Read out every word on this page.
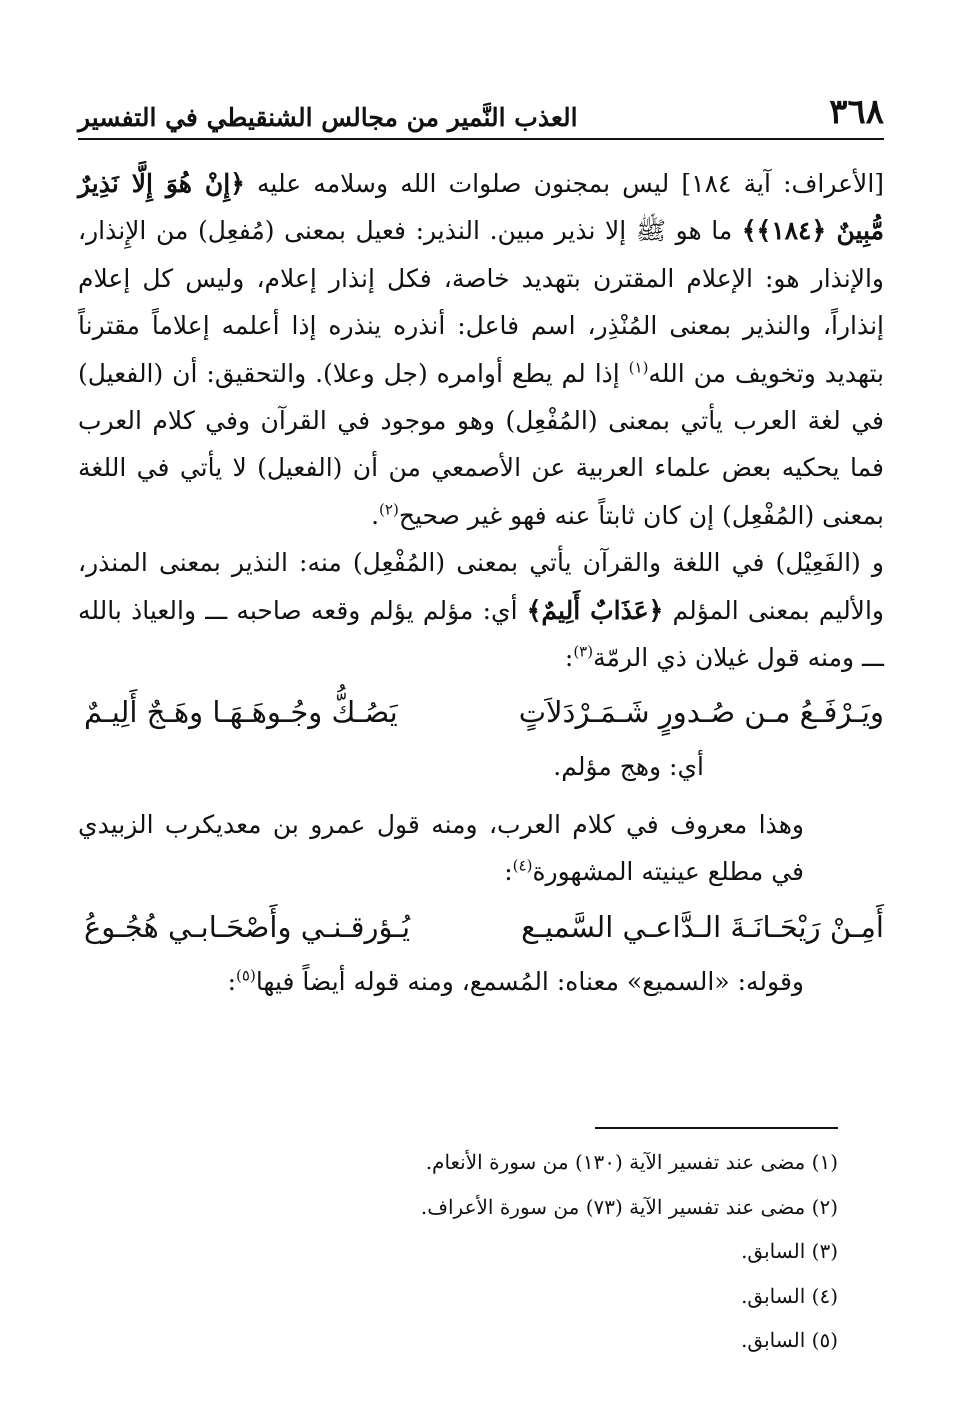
٣٦٨
العذب النَّمير من مجالس الشنقيطي في التفسير

[الأعراف: آية ١٨٤] ليس بمجنون صلوات الله وسلامه عليه ﴿إِنْ هُوَ إِلَّا نَذِيرٌ مُّبِينٌ ﴿١٨٤﴾﴾ ما هو ﷺ إلا نذير مبين. النذير: فعيل بمعنى (مُفعِل) من الإِنذار، والإنذار هو: الإعلام المقترن بتهديد خاصة، فكل إنذار إعلام، وليس كل إعلام إنذاراً، والنذير بمعنى المُنْذِر، اسم فاعل: أنذره ينذره إذا أعلمه إعلاماً مقترناً بتهديد وتخويف من الله$^{(١)}$ إذا لم يطع أوامره (جل وعلا). والتحقيق: أن (الفعيل) في لغة العرب يأتي بمعنى (المُفْعِل) وهو موجود في القرآن وفي كلام العرب فما يحكيه بعض علماء العربية عن الأصمعي من أن (الفعيل) لا يأتي في اللغة بمعنى (المُفْعِل) إن كان ثابتاً عنه فهو غير صحيح$^{(٢)}$.

و (الفَعِيْل) في اللغة والقرآن يأتي بمعنى (المُفْعِل) منه: النذير بمعنى المنذر، والأليم بمعنى المؤلم ﴿عَذَابٌ أَلِيمٌ﴾ أي: مؤلم يؤلم وقعه صاحبه ـــ والعياذ بالله ـــ ومنه قول غيلان ذي الرمّة$^{(٣)}$:

ويَـرْفَـعُ مـن صُـدورٍ شَـمَـرْدَلاَتٍ
يَصُـكُّ وجُـوهَـهَـا وهَـجٌ أَلِيـمٌ

أي: وهج مؤلم.

وهذا معروف في كلام العرب، ومنه قول عمرو بن معديكرب الزبيدي في مطلع عينيته المشهورة$^{(٤)}$:

أَمِـنْ رَيْحَـانَـةَ الـدَّاعـي السَّميـع
يُـؤرقـنـي وأَصْحَـابـي هُجُـوعُ

وقوله: «السميع» معناه: المُسمع، ومنه قوله أيضاً فيها$^{(٥)}$:

(١) مضى عند تفسير الآية (١٣٠) من سورة الأنعام.
(٢) مضى عند تفسير الآية (٧٣) من سورة الأعراف.
(٣) السابق.
(٤) السابق.
(٥) السابق.
